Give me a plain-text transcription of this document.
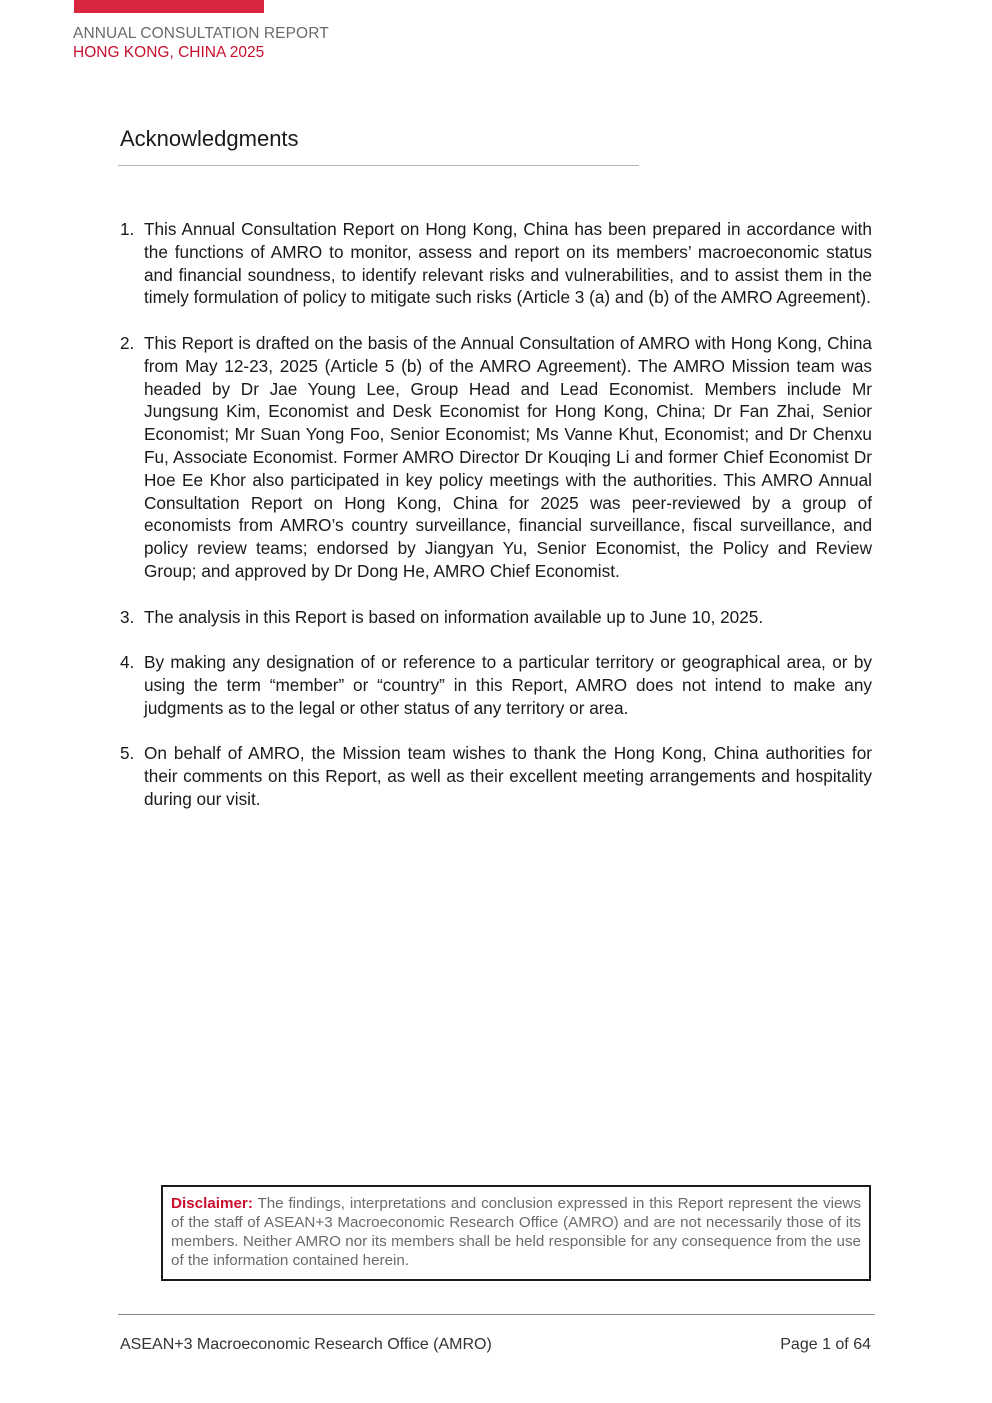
ANNUAL CONSULTATION REPORT
HONG KONG, CHINA 2025
Acknowledgments
1. This Annual Consultation Report on Hong Kong, China has been prepared in accordance with the functions of AMRO to monitor, assess and report on its members’ macroeconomic status and financial soundness, to identify relevant risks and vulnerabilities, and to assist them in the timely formulation of policy to mitigate such risks (Article 3 (a) and (b) of the AMRO Agreement).
2. This Report is drafted on the basis of the Annual Consultation of AMRO with Hong Kong, China from May 12-23, 2025 (Article 5 (b) of the AMRO Agreement). The AMRO Mission team was headed by Dr Jae Young Lee, Group Head and Lead Economist. Members include Mr Jungsung Kim, Economist and Desk Economist for Hong Kong, China; Dr Fan Zhai, Senior Economist; Mr Suan Yong Foo, Senior Economist; Ms Vanne Khut, Economist; and Dr Chenxu Fu, Associate Economist. Former AMRO Director Dr Kouqing Li and former Chief Economist Dr Hoe Ee Khor also participated in key policy meetings with the authorities. This AMRO Annual Consultation Report on Hong Kong, China for 2025 was peer-reviewed by a group of economists from AMRO’s country surveillance, financial surveillance, fiscal surveillance, and policy review teams; endorsed by Jiangyan Yu, Senior Economist, the Policy and Review Group; and approved by Dr Dong He, AMRO Chief Economist.
3. The analysis in this Report is based on information available up to June 10, 2025.
4. By making any designation of or reference to a particular territory or geographical area, or by using the term “member” or “country” in this Report, AMRO does not intend to make any judgments as to the legal or other status of any territory or area.
5. On behalf of AMRO, the Mission team wishes to thank the Hong Kong, China authorities for their comments on this Report, as well as their excellent meeting arrangements and hospitality during our visit.
Disclaimer: The findings, interpretations and conclusion expressed in this Report represent the views of the staff of ASEAN+3 Macroeconomic Research Office (AMRO) and are not necessarily those of its members. Neither AMRO nor its members shall be held responsible for any consequence from the use of the information contained herein.
ASEAN+3 Macroeconomic Research Office (AMRO)	Page 1 of 64
